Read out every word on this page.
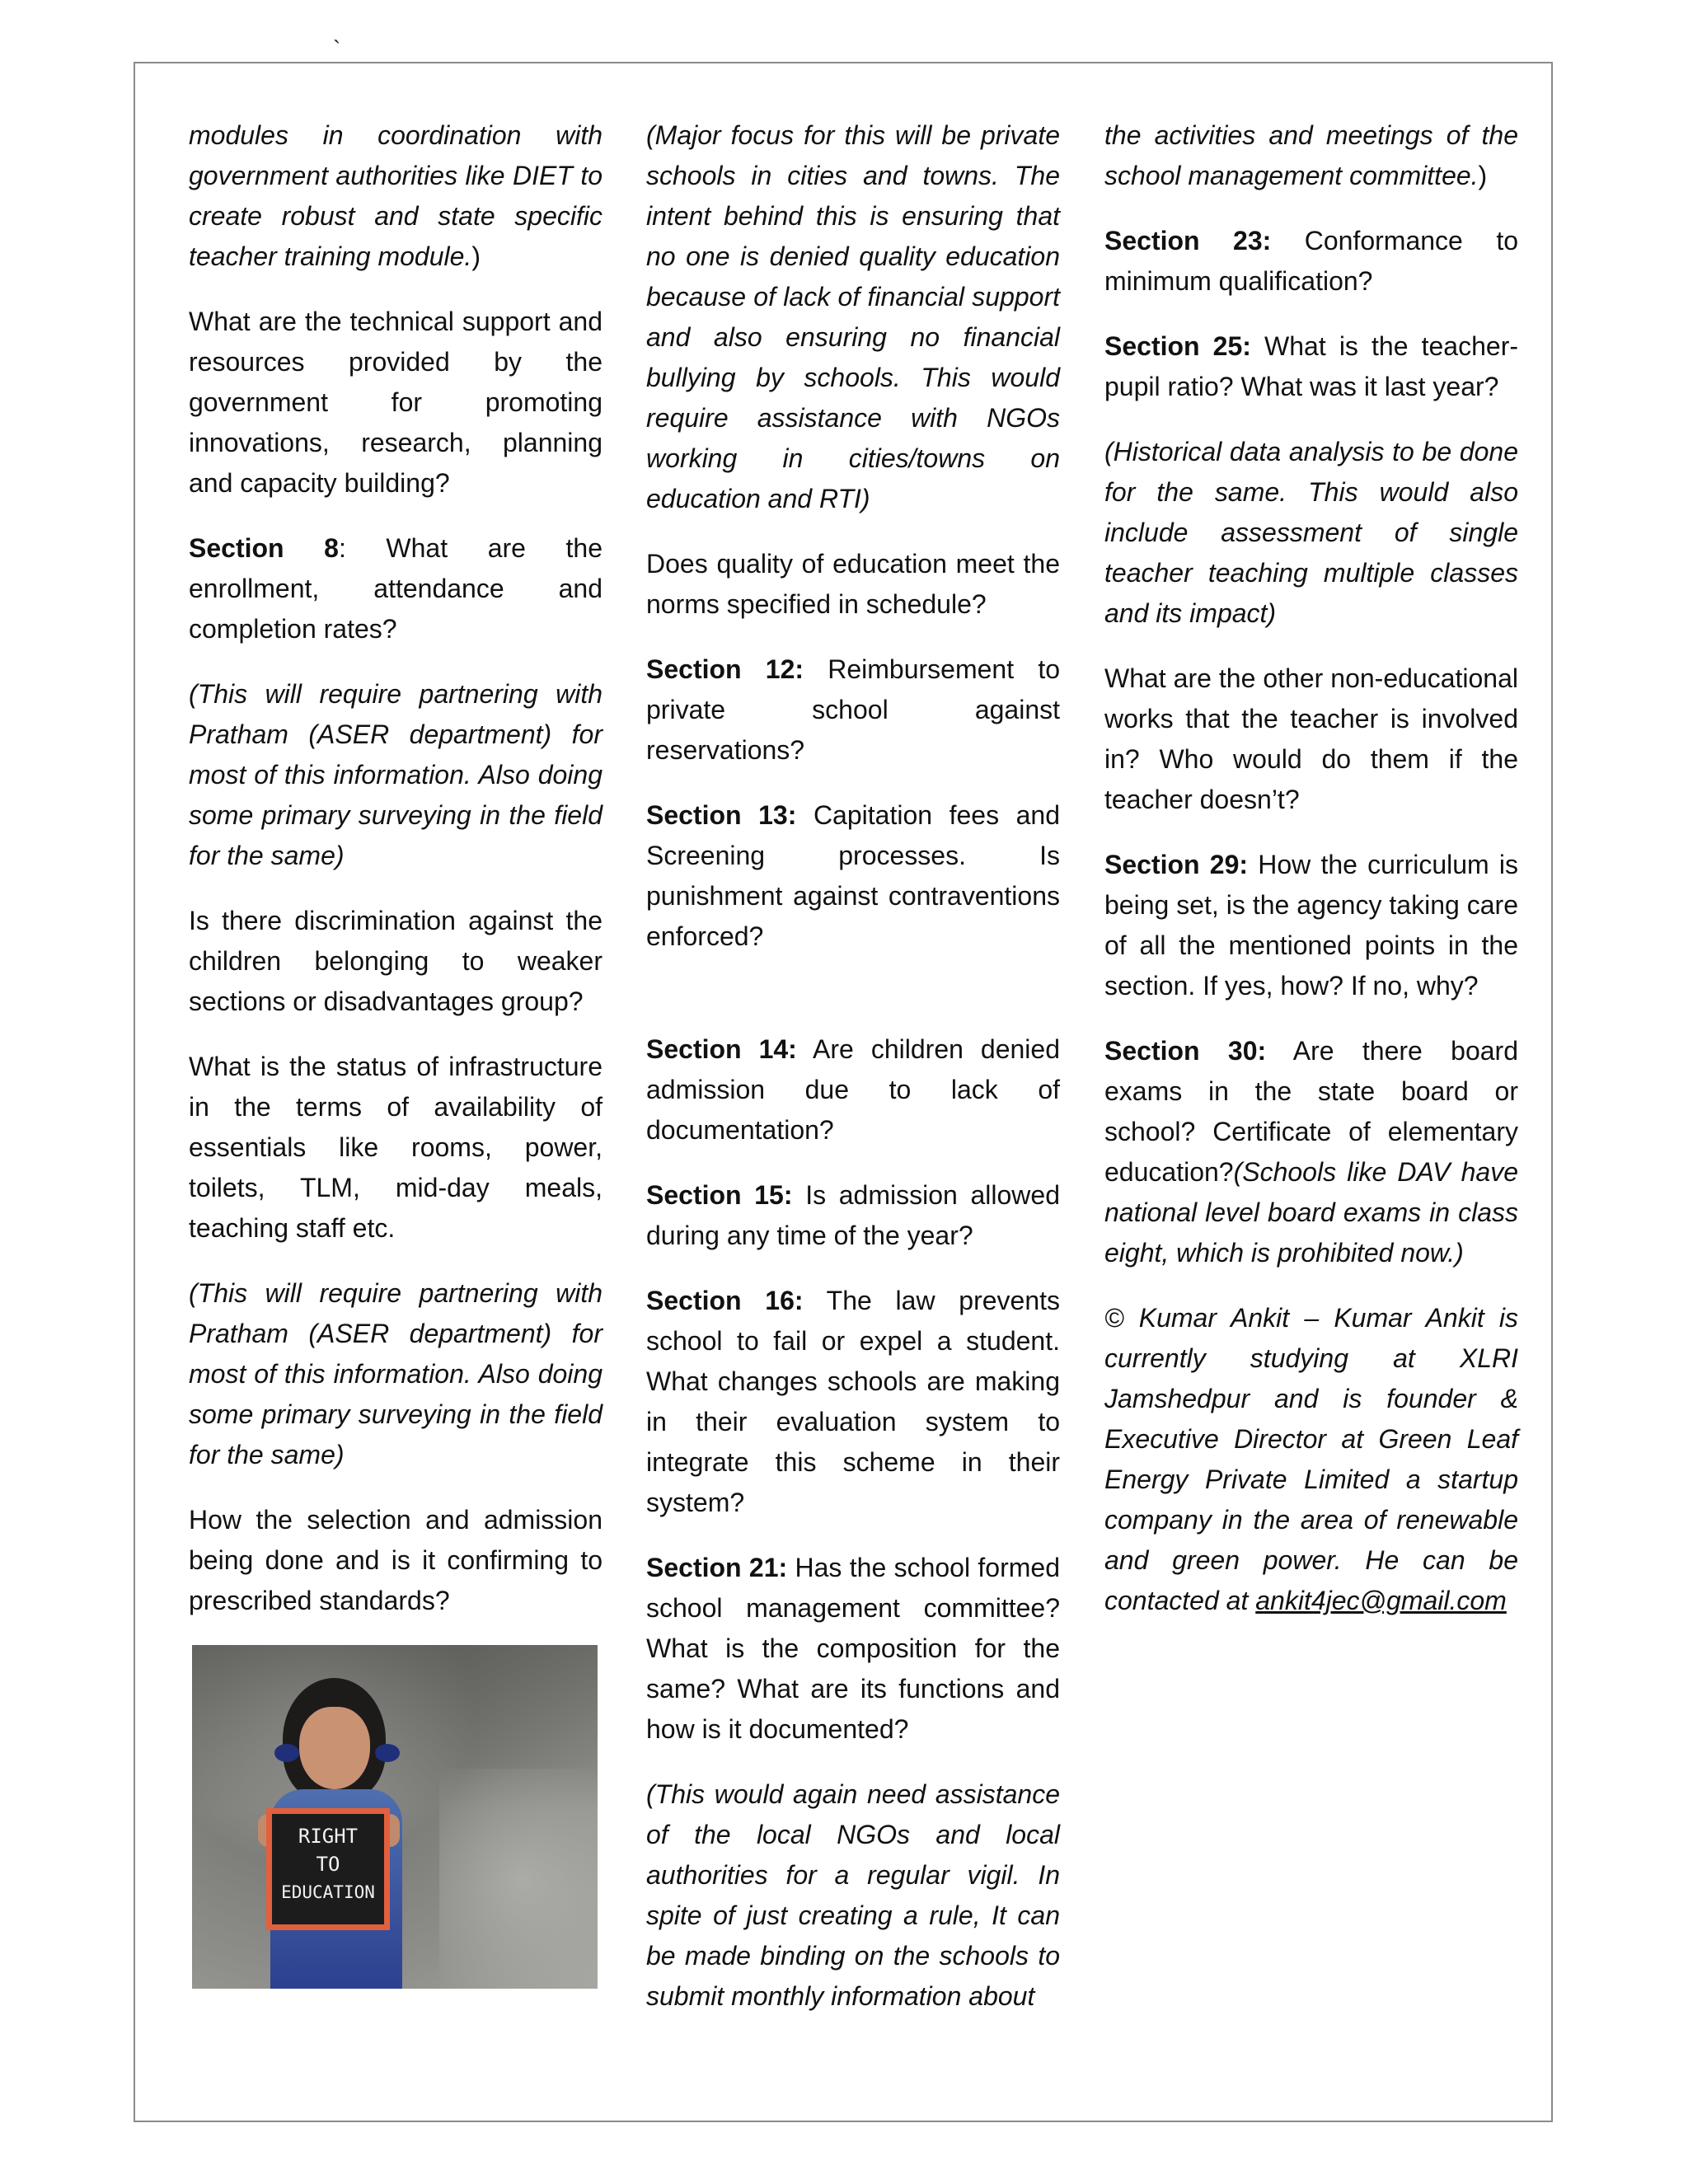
`

modules in coordination with government authorities like DIET to create robust and state specific teacher training module.)

What are the technical support and resources provided by the government for promoting innovations, research, planning and capacity building?

Section 8: What are the enrollment, attendance and completion rates?

(This will require partnering with Pratham (ASER department) for most of this information. Also doing some primary surveying in the field for the same)

Is there discrimination against the children belonging to weaker sections or disadvantages group?

What is the status of infrastructure in the terms of availability of essentials like rooms, power, toilets, TLM, mid-day meals, teaching staff etc.

(This will require partnering with Pratham (ASER department) for most of this information. Also doing some primary surveying in the field for the same)

How the selection and admission being done and is it confirming to prescribed standards?

RIGHT
TO
EDUCATION

(Major focus for this will be private schools in cities and towns. The intent behind this is ensuring that no one is denied quality education because of lack of financial support and also ensuring no financial bullying by schools. This would require assistance with NGOs working in cities/towns on education and RTI)

Does quality of education meet the norms specified in schedule?

Section 12: Reimbursement to private school against reservations?

Section 13: Capitation fees and Screening processes. Is punishment against contraventions enforced?

Section 14: Are children denied admission due to lack of documentation?

Section 15: Is admission allowed during any time of the year?

Section 16: The law prevents school to fail or expel a student. What changes schools are making in their evaluation system to integrate this scheme in their system?

Section 21: Has the school formed school management committee? What is the composition for the same? What are its functions and how is it documented?

(This would again need assistance of the local NGOs and local authorities for a regular vigil. In spite of just creating a rule, It can be made binding on the schools to submit monthly information about

the activities and meetings of the school management committee.)

Section 23: Conformance to minimum qualification?

Section 25: What is the teacher-pupil ratio? What was it last year?

(Historical data analysis to be done for the same. This would also include assessment of single teacher teaching multiple classes and its impact)

What are the other non-educational works that the teacher is involved in? Who would do them if the teacher doesn’t?

Section 29: How the curriculum is being set, is the agency taking care of all the mentioned points in the section. If yes, how? If no, why?

Section 30: Are there board exams in the state board or school? Certificate of elementary education?(Schools like DAV have national level board exams in class eight, which is prohibited now.)

© Kumar Ankit – Kumar Ankit is currently studying at XLRI Jamshedpur and is founder & Executive Director at Green Leaf Energy Private Limited a startup company in the area of renewable and green power. He can be contacted at ankit4jec@gmail.com
